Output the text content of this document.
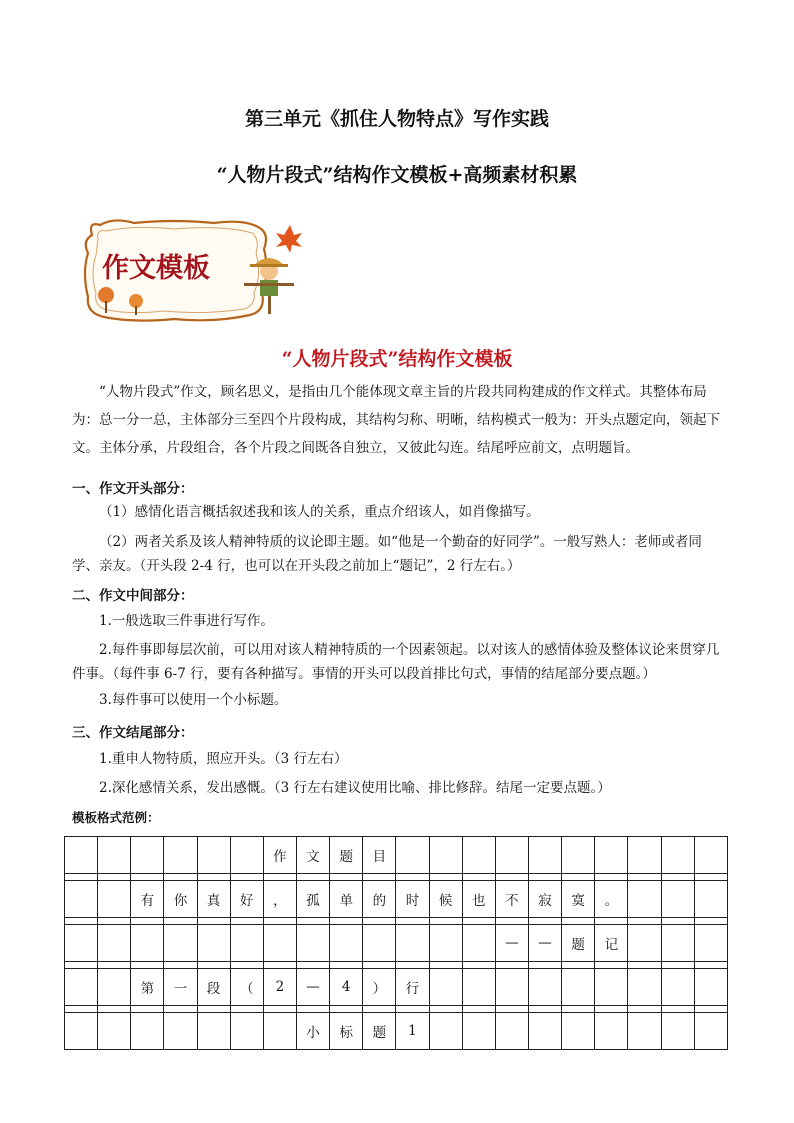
第三单元《抓住人物特点》写作实践
“人物片段式”结构作文模板+高频素材积累
作文模板
“人物片段式”结构作文模板
“人物片段式”作文，顾名思义，是指由几个能体现文章主旨的片段共同构建成的作文样式。其整体布局为：总一分一总，主体部分三至四个片段构成，其结构匀称、明晰，结构模式一般为：开头点题定向，领起下文。主体分承，片段组合，各个片段之间既各自独立，又彼此勾连。结尾呼应前文，点明题旨。
一、作文开头部分：
（1）感情化语言概括叙述我和该人的关系，重点介绍该人，如肖像描写。
（2）两者关系及该人精神特质的议论即主题。如“他是一个勤奋的好同学”。一般写熟人：老师或者同学、亲友。（开头段 2-4 行，也可以在开头段之前加上“题记”，2 行左右。）
二、作文中间部分：
1.一般选取三件事进行写作。
2.每件事即每层次前，可以用对该人精神特质的一个因素领起。以对该人的感情体验及整体议论来贯穿几件事。（每件事 6-7 行，要有各种描写。事情的开头可以段首排比句式，事情的结尾部分要点题。）
3.每件事可以使用一个小标题。
三、作文结尾部分：
1.重申人物特质，照应开头。（3 行左右）
2.深化感情关系，发出感慨。（3 行左右建议使用比喻、排比修辞。结尾一定要点题。）
模板格式范例：
						作	文	题	目										

		有	你	真	好	，	孤	单	的	时	候	也	不	寂	寞	。			

													—	—	题	记			

		第	一	段	（	2	—	4	）	行									

							小	标	题	1									
